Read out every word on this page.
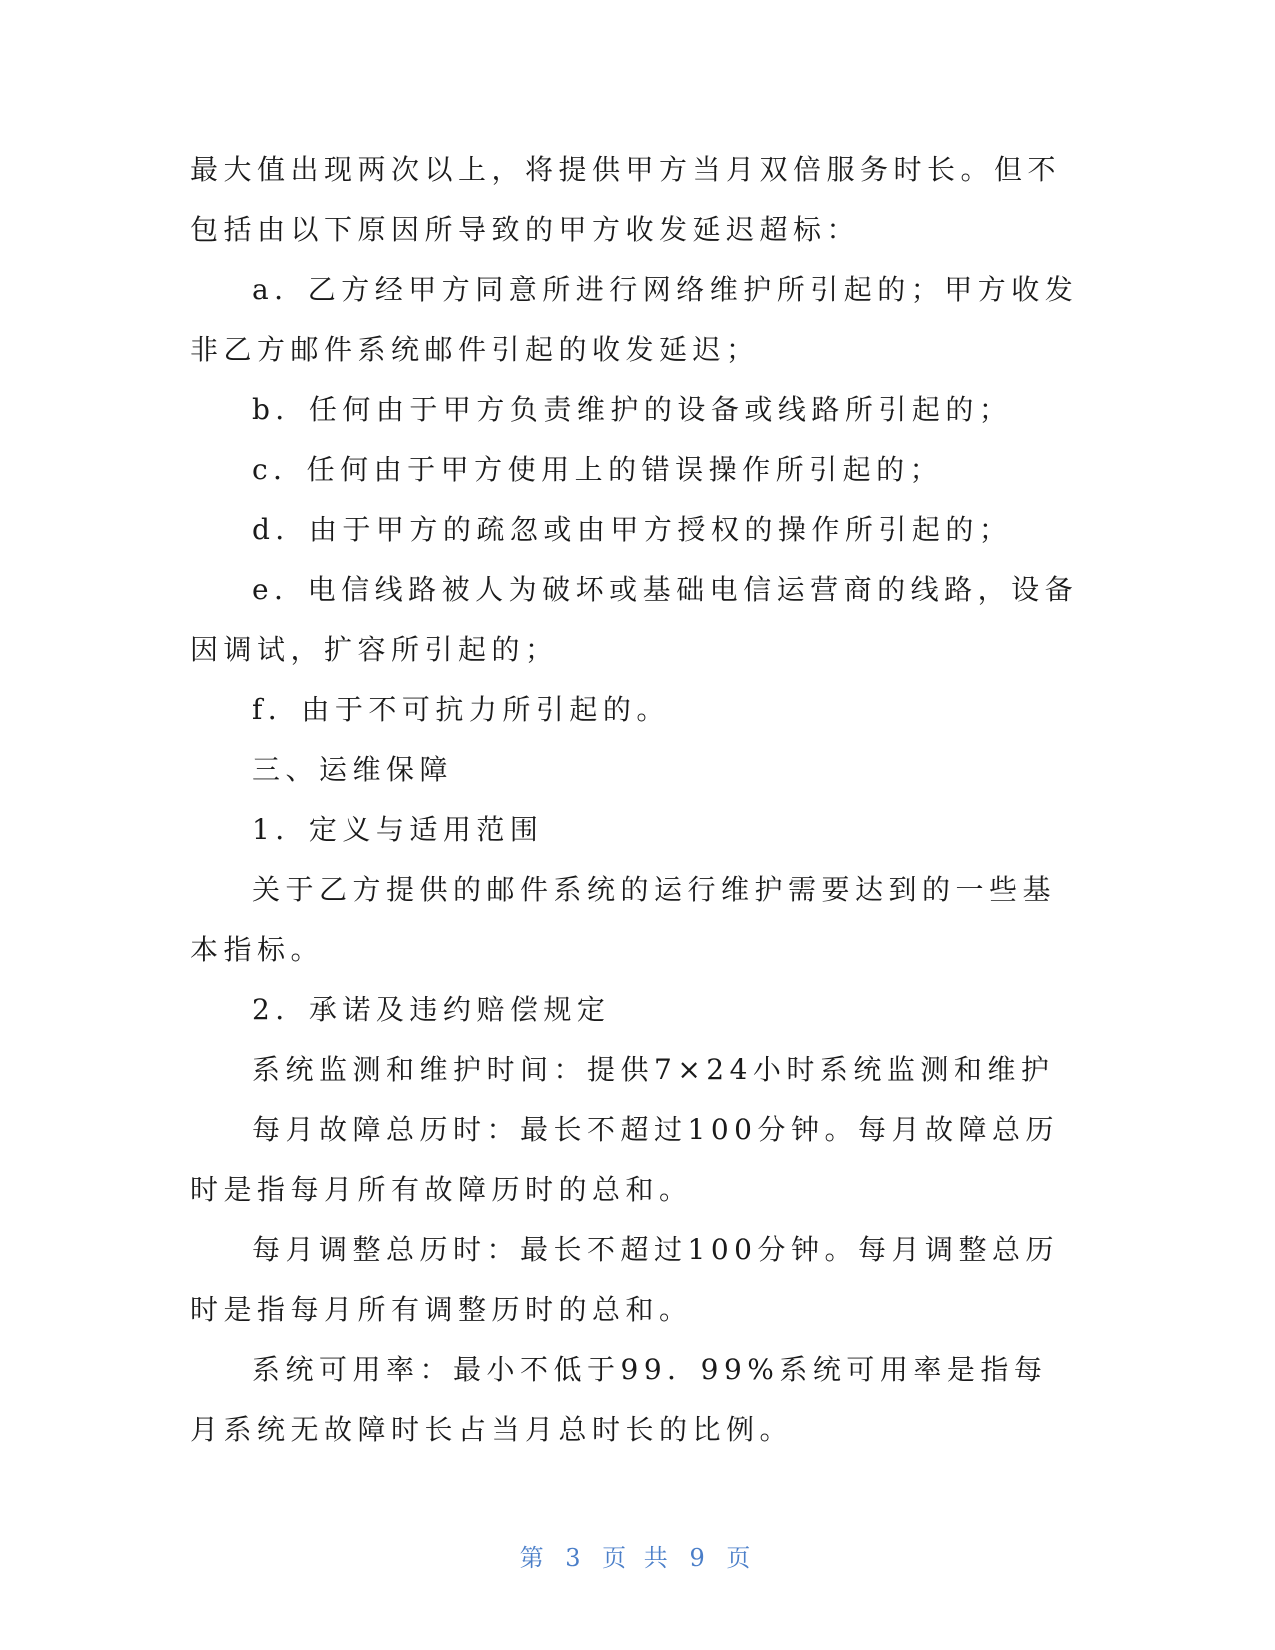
最大值出现两次以上，将提供甲方当月双倍服务时长。但不包括由以下原因所导致的甲方收发延迟超标：

a．乙方经甲方同意所进行网络维护所引起的；甲方收发非乙方邮件系统邮件引起的收发延迟；

b．任何由于甲方负责维护的设备或线路所引起的；

c．任何由于甲方使用上的错误操作所引起的；

d．由于甲方的疏忽或由甲方授权的操作所引起的；

e．电信线路被人为破坏或基础电信运营商的线路，设备因调试，扩容所引起的；

f．由于不可抗力所引起的。

三、运维保障

1．定义与适用范围

关于乙方提供的邮件系统的运行维护需要达到的一些基本指标。

2．承诺及违约赔偿规定

系统监测和维护时间：提供7×24小时系统监测和维护

每月故障总历时：最长不超过100分钟。每月故障总历时是指每月所有故障历时的总和。

每月调整总历时：最长不超过100分钟。每月调整总历时是指每月所有调整历时的总和。

系统可用率：最小不低于99．99%系统可用率是指每月系统无故障时长占当月总时长的比例。

第 3 页 共 9 页
